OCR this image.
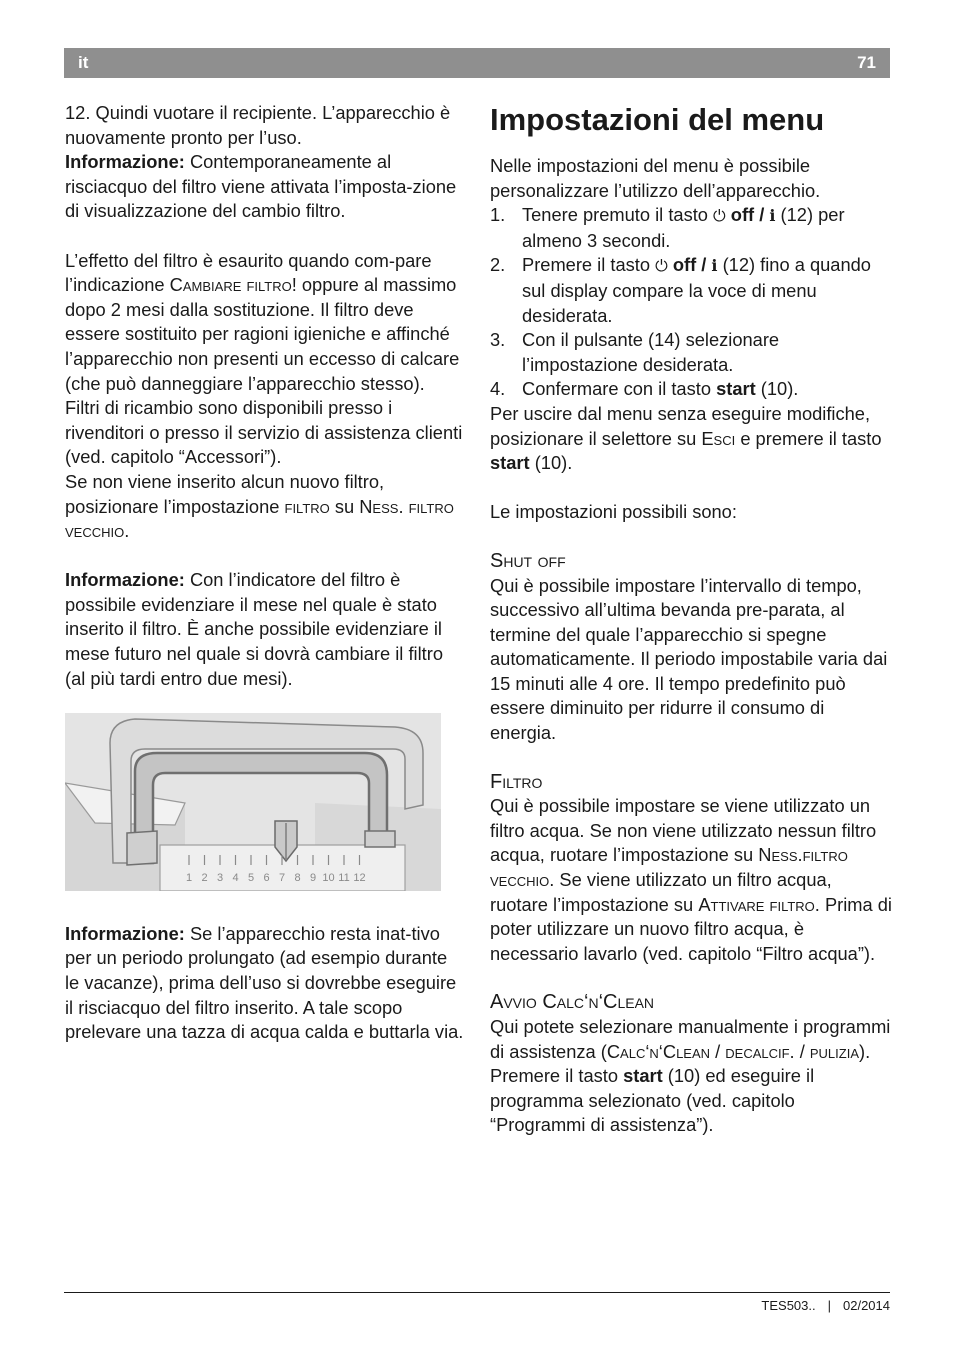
it	71

12. Quindi vuotare il recipiente. L’apparecchio è nuovamente pronto per l’uso.

Informazione: Contemporaneamente al risciacquo del filtro viene attivata l’imposta-zione di visualizzazione del cambio filtro.

L’effetto del filtro è esaurito quando com-pare l’indicazione Cambiare filtro! oppure al massimo dopo 2 mesi dalla sostituzione. Il filtro deve essere sostituito per ragioni igieniche e affinché l’apparecchio non presenti un eccesso di calcare (che può danneggiare l’apparecchio stesso).

Filtri di ricambio sono disponibili presso i rivenditori o presso il servizio di assistenza clienti (ved. capitolo “Accessori”).

Se non viene inserito alcun nuovo filtro, posizionare l’impostazione filtro su Ness. filtro vecchio.

Informazione: Con l’indicatore del filtro è possibile evidenziare il mese nel quale è stato inserito il filtro. È anche possibile evidenziare il mese futuro nel quale si dovrà cambiare il filtro (al più tardi entro due mesi).

1 2 3 4 5 6 7 8 9 10 11 12

Informazione: Se l’apparecchio resta inat-tivo per un periodo prolungato (ad esempio durante le vacanze), prima dell’uso si dovrebbe eseguire il risciacquo del filtro inserito. A tale scopo prelevare una tazza di acqua calda e buttarla via.

Impostazioni del menu

Nelle impostazioni del menu è possibile personalizzare l’utilizzo dell’apparecchio.

1. Tenere premuto il tasto ⏻ off / i (12) per almeno 3 secondi.
2. Premere il tasto ⏻ off / i (12) fino a quando sul display compare la voce di menu desiderata.
3. Con il pulsante (14) selezionare l’impostazione desiderata.
4. Confermare con il tasto start (10).

Per uscire dal menu senza eseguire modifiche, posizionare il selettore su Esci e premere il tasto start (10).

Le impostazioni possibili sono:

Shut off

Qui è possibile impostare l’intervallo di tempo, successivo all’ultima bevanda pre-parata, al termine del quale l’apparecchio si spegne automaticamente. Il periodo impostabile varia dai 15 minuti alle 4 ore. Il tempo predefinito può essere diminuito per ridurre il consumo di energia.

Filtro

Qui è possibile impostare se viene utilizzato un filtro acqua. Se non viene utilizzato nessun filtro acqua, ruotare l’impostazione su Ness.filtro vecchio. Se viene utilizzato un filtro acqua, ruotare l’impostazione su Attivare filtro. Prima di poter utilizzare un nuovo filtro acqua, è necessario lavarlo (ved. capitolo “Filtro acqua”).

Avvio Calc‘n‘Clean

Qui potete selezionare manualmente i programmi di assistenza (Calc‘n‘Clean / decalcif. / pulizia). Premere il tasto start (10) ed eseguire il programma selezionato (ved. capitolo “Programmi di assistenza”).

TES503.. | 02/2014
